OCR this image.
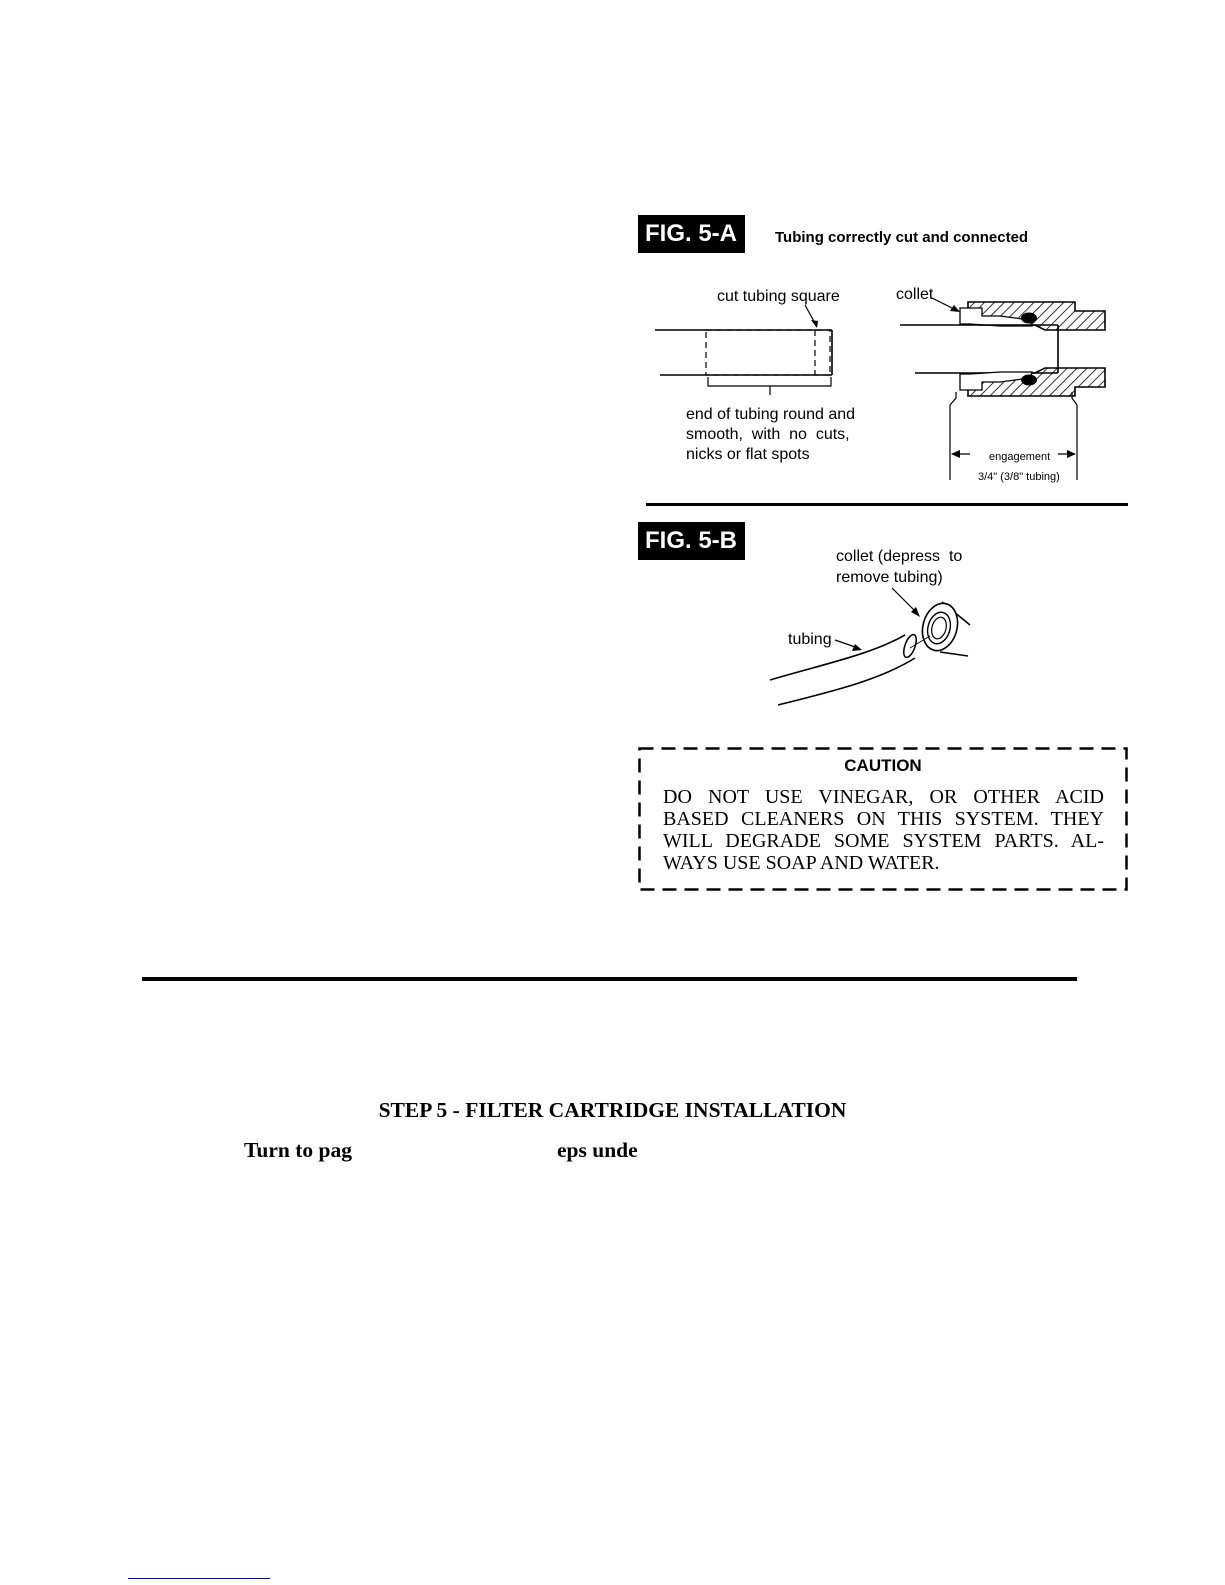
FIG. 5-A	Tubing correctly cut and connected
cut tubing square	collet
end of tubing round and
smooth,  with  no  cuts,
nicks or flat spots	engagement
3/4" (3/8" tubing)
FIG. 5-B
collet (depress  to
remove tubing)
tubing
CAUTION
DO NOT USE VINEGAR, OR OTHER ACID BASED CLEANERS ON THIS SYSTEM. THEY WILL DEGRADE SOME SYSTEM PARTS. AL-WAYS USE SOAP AND WATER.
STEP 5 - FILTER CARTRIDGE INSTALLATION
Turn to pag	eps unde
